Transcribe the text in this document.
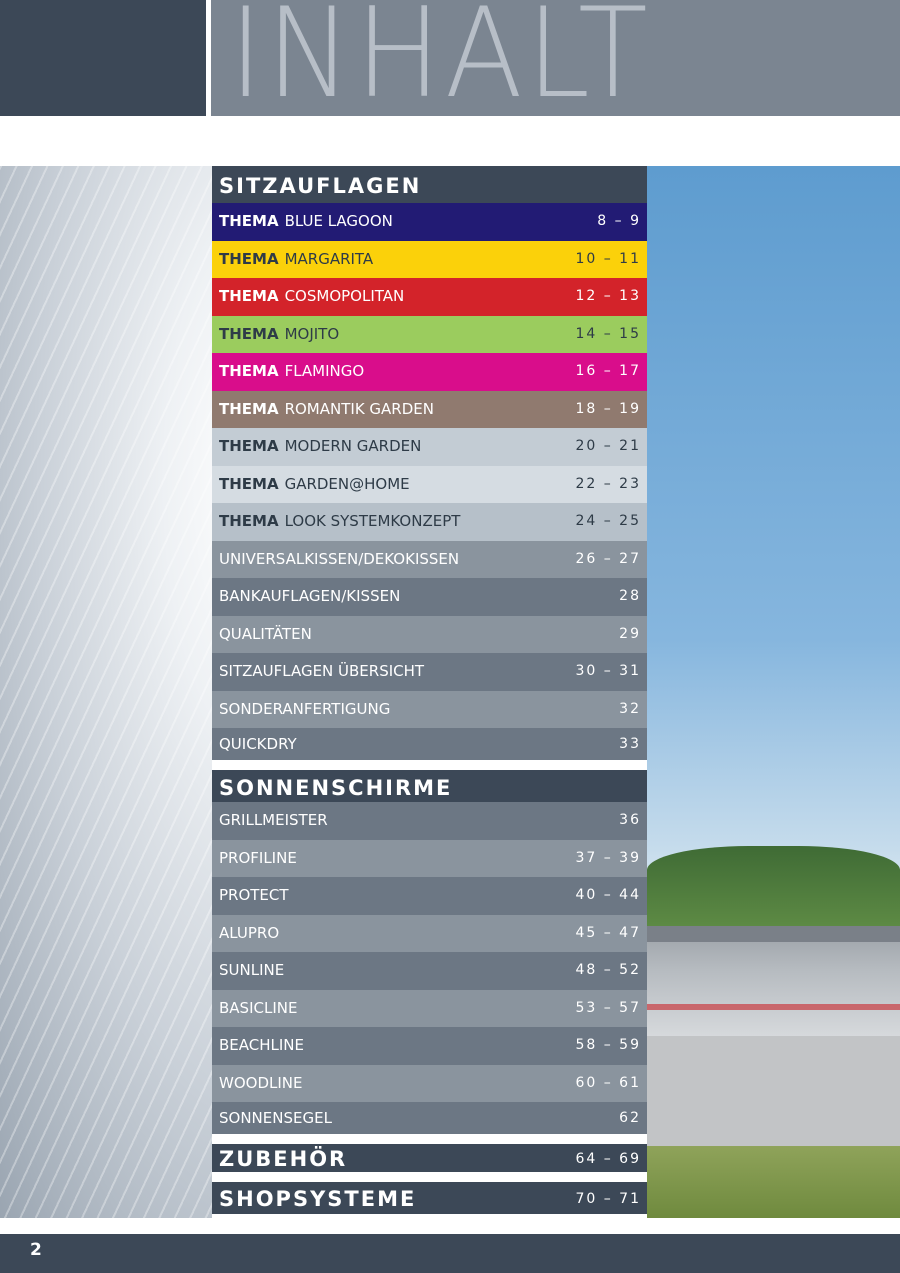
INHALT
SITZAUFLAGEN
THEMA BLUE LAGOON	8 – 9
THEMA MARGARITA	10 – 11
THEMA COSMOPOLITAN	12 – 13
THEMA MOJITO	14 – 15
THEMA FLAMINGO	16 – 17
THEMA ROMANTIK GARDEN	18 – 19
THEMA MODERN GARDEN	20 – 21
THEMA GARDEN@HOME	22 – 23
THEMA LOOK SYSTEMKONZEPT	24 – 25
UNIVERSALKISSEN/DEKOKISSEN	26 – 27
BANKAUFLAGEN/KISSEN	28
QUALITÄTEN	29
SITZAUFLAGEN ÜBERSICHT	30 – 31
SONDERANFERTIGUNG	32
QUICKDRY	33
SONNENSCHIRME
GRILLMEISTER	36
PROFILINE	37 – 39
PROTECT	40 – 44
ALUPRO	45 – 47
SUNLINE	48 – 52
BASICLINE	53 – 57
BEACHLINE	58 – 59
WOODLINE	60 – 61
SONNENSEGEL	62
ZUBEHÖR	64 – 69
SHOPSYSTEME	70 – 71
2
